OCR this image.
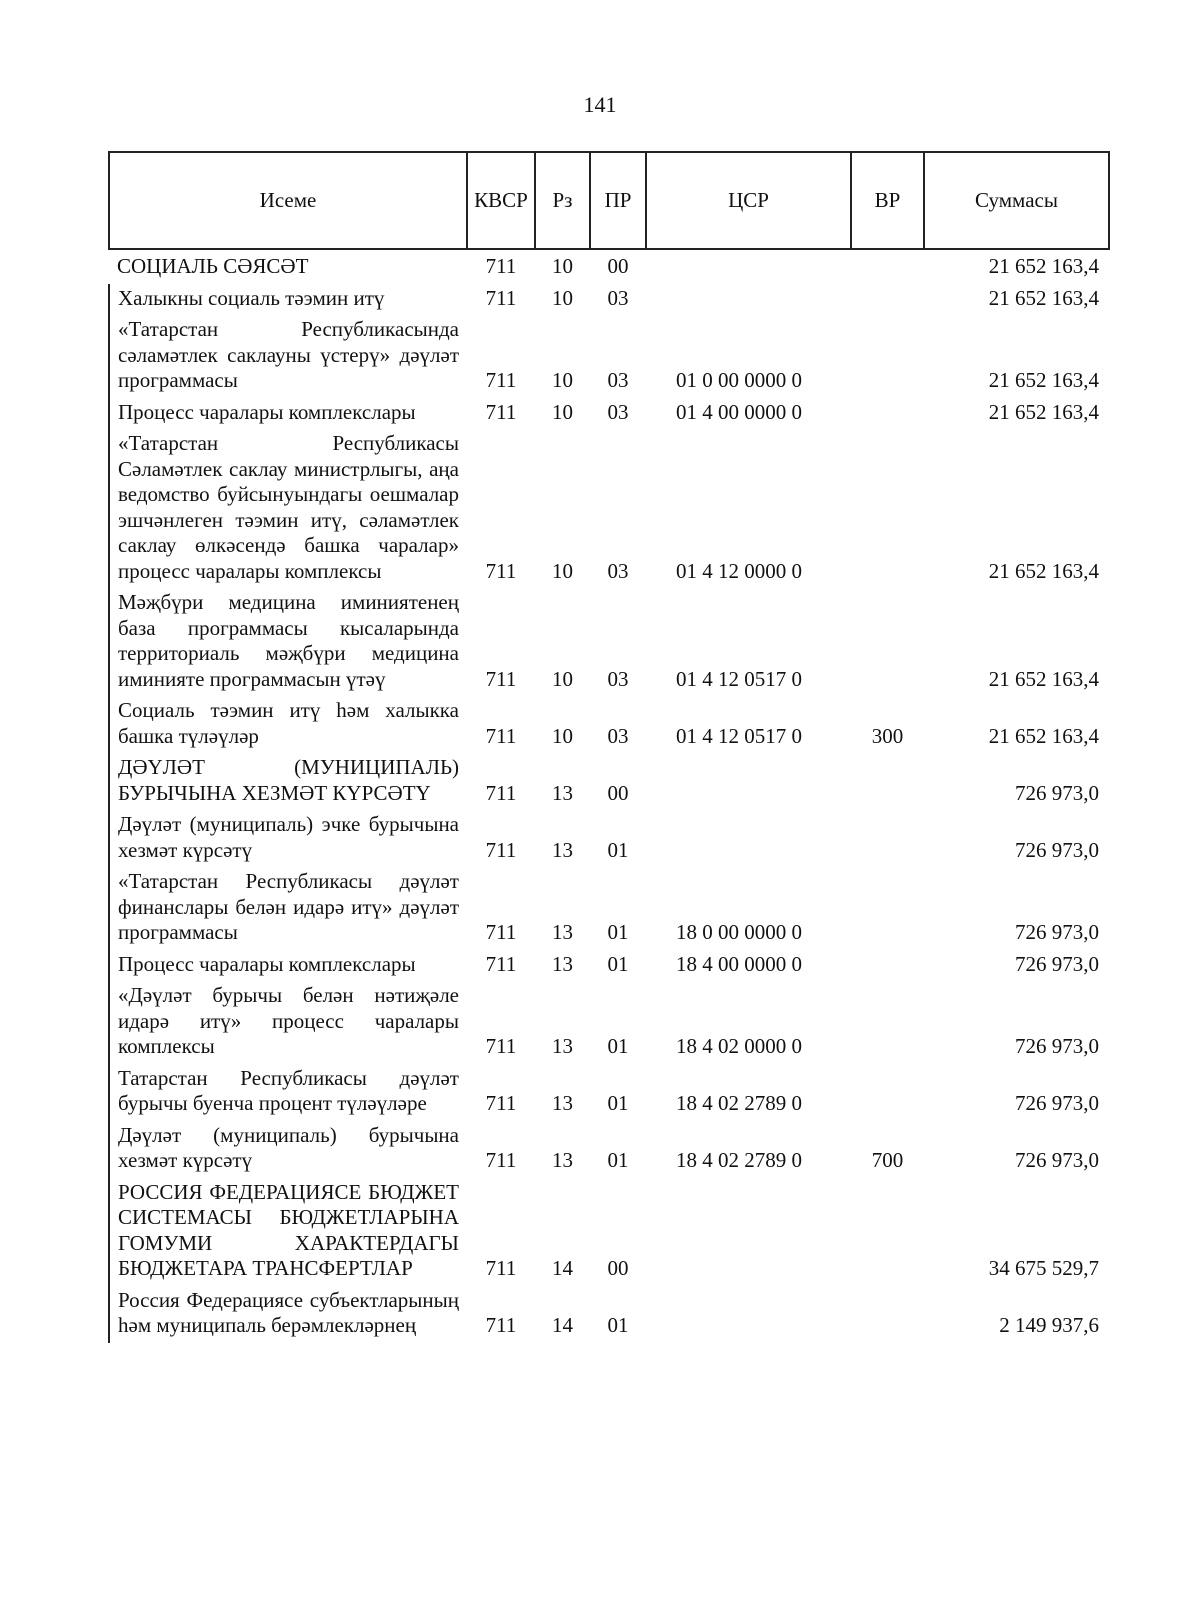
141
Исеме	КВСР	Рз	ПР	ЦСР	ВР	Суммасы
СОЦИАЛЬ СӘЯСӘТ	711	10	00			21 652 163,4
Халыкны социаль тәэмин итү	711	10	03			21 652 163,4
«Татарстан Республикасында сәламәтлек саклауны үстерү» дәүләт программасы	711	10	03	01 0 00 0000 0		21 652 163,4
Процесс чаралары комплекслары	711	10	03	01 4 00 0000 0		21 652 163,4
«Татарстан Республикасы Сәламәтлек саклау министрлыгы, аңа ведомство буйсынуындагы оешмалар эшчәнлеген тәэмин итү, сәламәтлек саклау өлкәсендә башка чаралар» процесс чаралары комплексы	711	10	03	01 4 12 0000 0		21 652 163,4
Мәҗбүри медицина иминиятенең база программасы кысаларында территориаль мәҗбүри медицина иминияте программасын үтәү	711	10	03	01 4 12 0517 0		21 652 163,4
Социаль тәэмин итү һәм халыкка башка түләүләр	711	10	03	01 4 12 0517 0	300	21 652 163,4
ДӘҮЛӘТ (МУНИЦИПАЛЬ) БУРЫЧЫНА ХЕЗМӘТ КҮРСӘТҮ	711	13	00			726 973,0
Дәүләт (муниципаль) эчке бурычына хезмәт күрсәтү	711	13	01			726 973,0
«Татарстан Республикасы дәүләт финанслары белән идарә итү» дәүләт программасы	711	13	01	18 0 00 0000 0		726 973,0
Процесс чаралары комплекслары	711	13	01	18 4 00 0000 0		726 973,0
«Дәүләт бурычы белән нәтиҗәле идарә итү» процесс чаралары комплексы	711	13	01	18 4 02 0000 0		726 973,0
Татарстан Республикасы дәүләт бурычы буенча процент түләүләре	711	13	01	18 4 02 2789 0		726 973,0
Дәүләт (муниципаль) бурычына хезмәт күрсәтү	711	13	01	18 4 02 2789 0	700	726 973,0
РОССИЯ ФЕДЕРАЦИЯСЕ БЮДЖЕТ СИСТЕМАСЫ БЮДЖЕТЛАРЫНА ГОМУМИ ХАРАКТЕРДАГЫ БЮДЖЕТАРА ТРАНСФЕРТЛАР	711	14	00			34 675 529,7
Россия Федерациясе субъектларының һәм муниципаль берәмлекләрнең	711	14	01			2 149 937,6
